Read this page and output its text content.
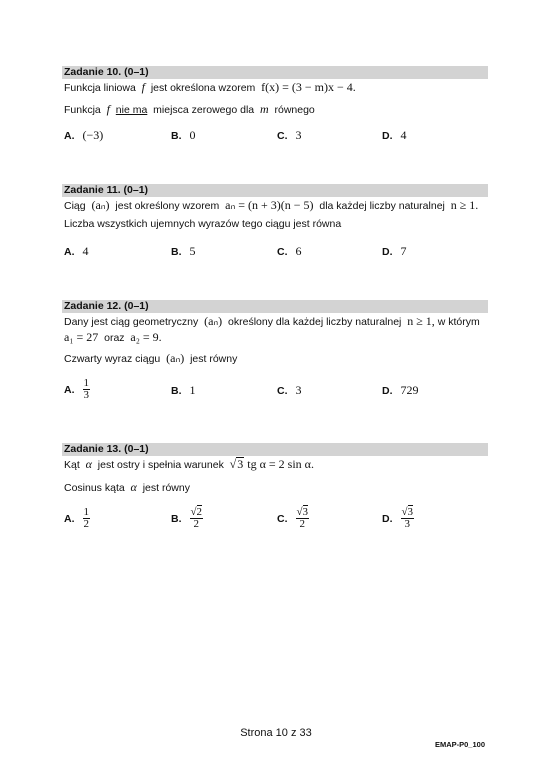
Zadanie 10. (0–1)
Funkcja liniowa f jest określona wzorem f(x) = (3 − m)x − 4.
Funkcja f nie ma miejsca zerowego dla m równego
A. (−3)	B. 0	C. 3	D. 4
Zadanie 11. (0–1)
Ciąg (aₙ) jest określony wzorem aₙ = (n + 3)(n − 5) dla każdej liczby naturalnej n ≥ 1.
Liczba wszystkich ujemnych wyrazów tego ciągu jest równa
A. 4	B. 5	C. 6	D. 7
Zadanie 12. (0–1)
Dany jest ciąg geometryczny (aₙ) określony dla każdej liczby naturalnej n ≥ 1, w którym
a₁ = 27 oraz a₂ = 9.
Czwarty wyraz ciągu (aₙ) jest równy
A. $\frac{1}{3}$	B. 1	C. 3	D. 729
Zadanie 13. (0–1)
Kąt α jest ostry i spełnia warunek √ 3 tg α = 2 sin α.
Cosinus kąta α jest równy
A. $\frac{1}{2}$	B. $\frac{√2}{2}$	C. $\frac{√3}{2}$	D. $\frac{√3}{3}$
Strona 10 z 33
EMAP-P0_100
